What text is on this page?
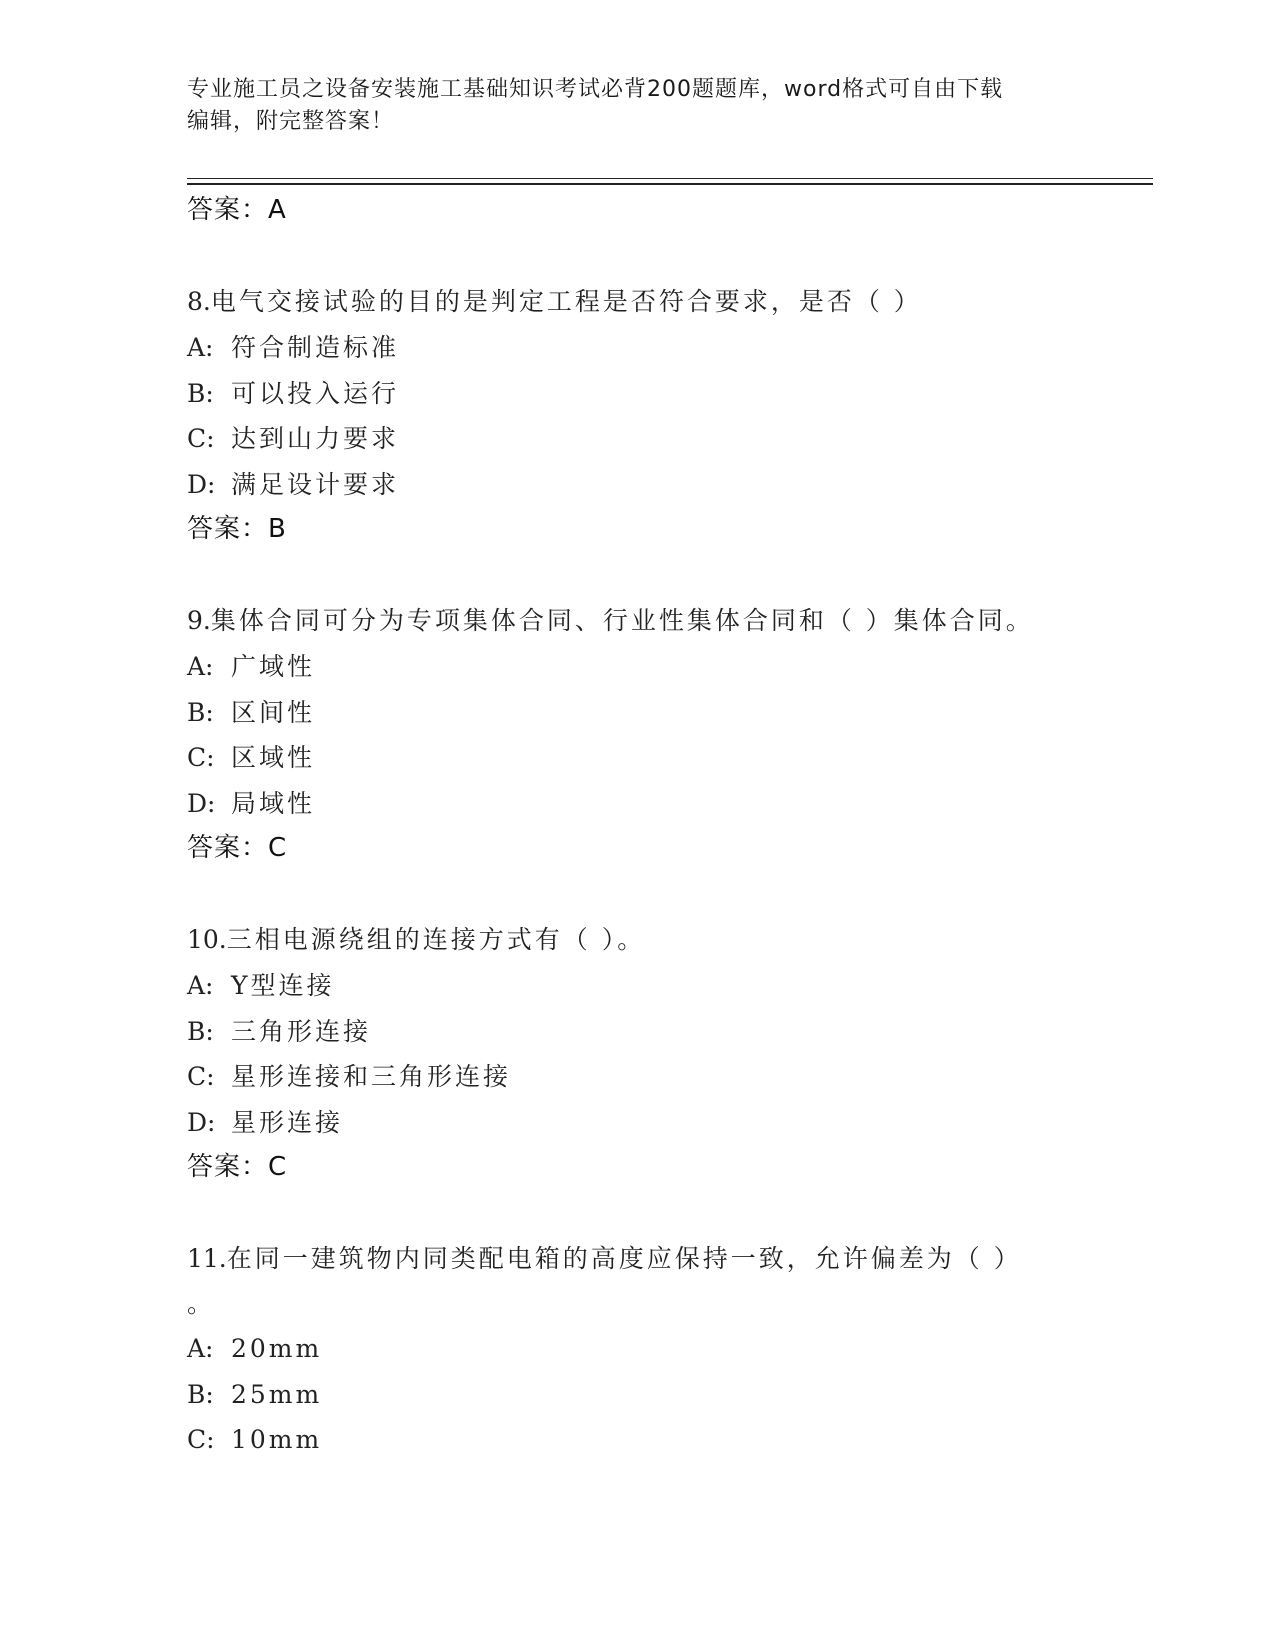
专业施工员之设备安装施工基础知识考试必背200题题库，word格式可自由下载
编辑，附完整答案！
答案：A
8.电气交接试验的目的是判定工程是否符合要求，是否（ ）
A: 符合制造标准
B: 可以投入运行
C: 达到山力要求
D: 满足设计要求
答案：B
9.集体合同可分为专项集体合同、行业性集体合同和（ ）集体合同。
A: 广域性
B: 区间性
C: 区域性
D: 局域性
答案：C
10.三相电源绕组的连接方式有（ ）。
A: Y型连接
B: 三角形连接
C: 星形连接和三角形连接
D: 星形连接
答案：C
11.在同一建筑物内同类配电箱的高度应保持一致，允许偏差为（ ）
。
A: 20mm
B: 25mm
C: 10mm
